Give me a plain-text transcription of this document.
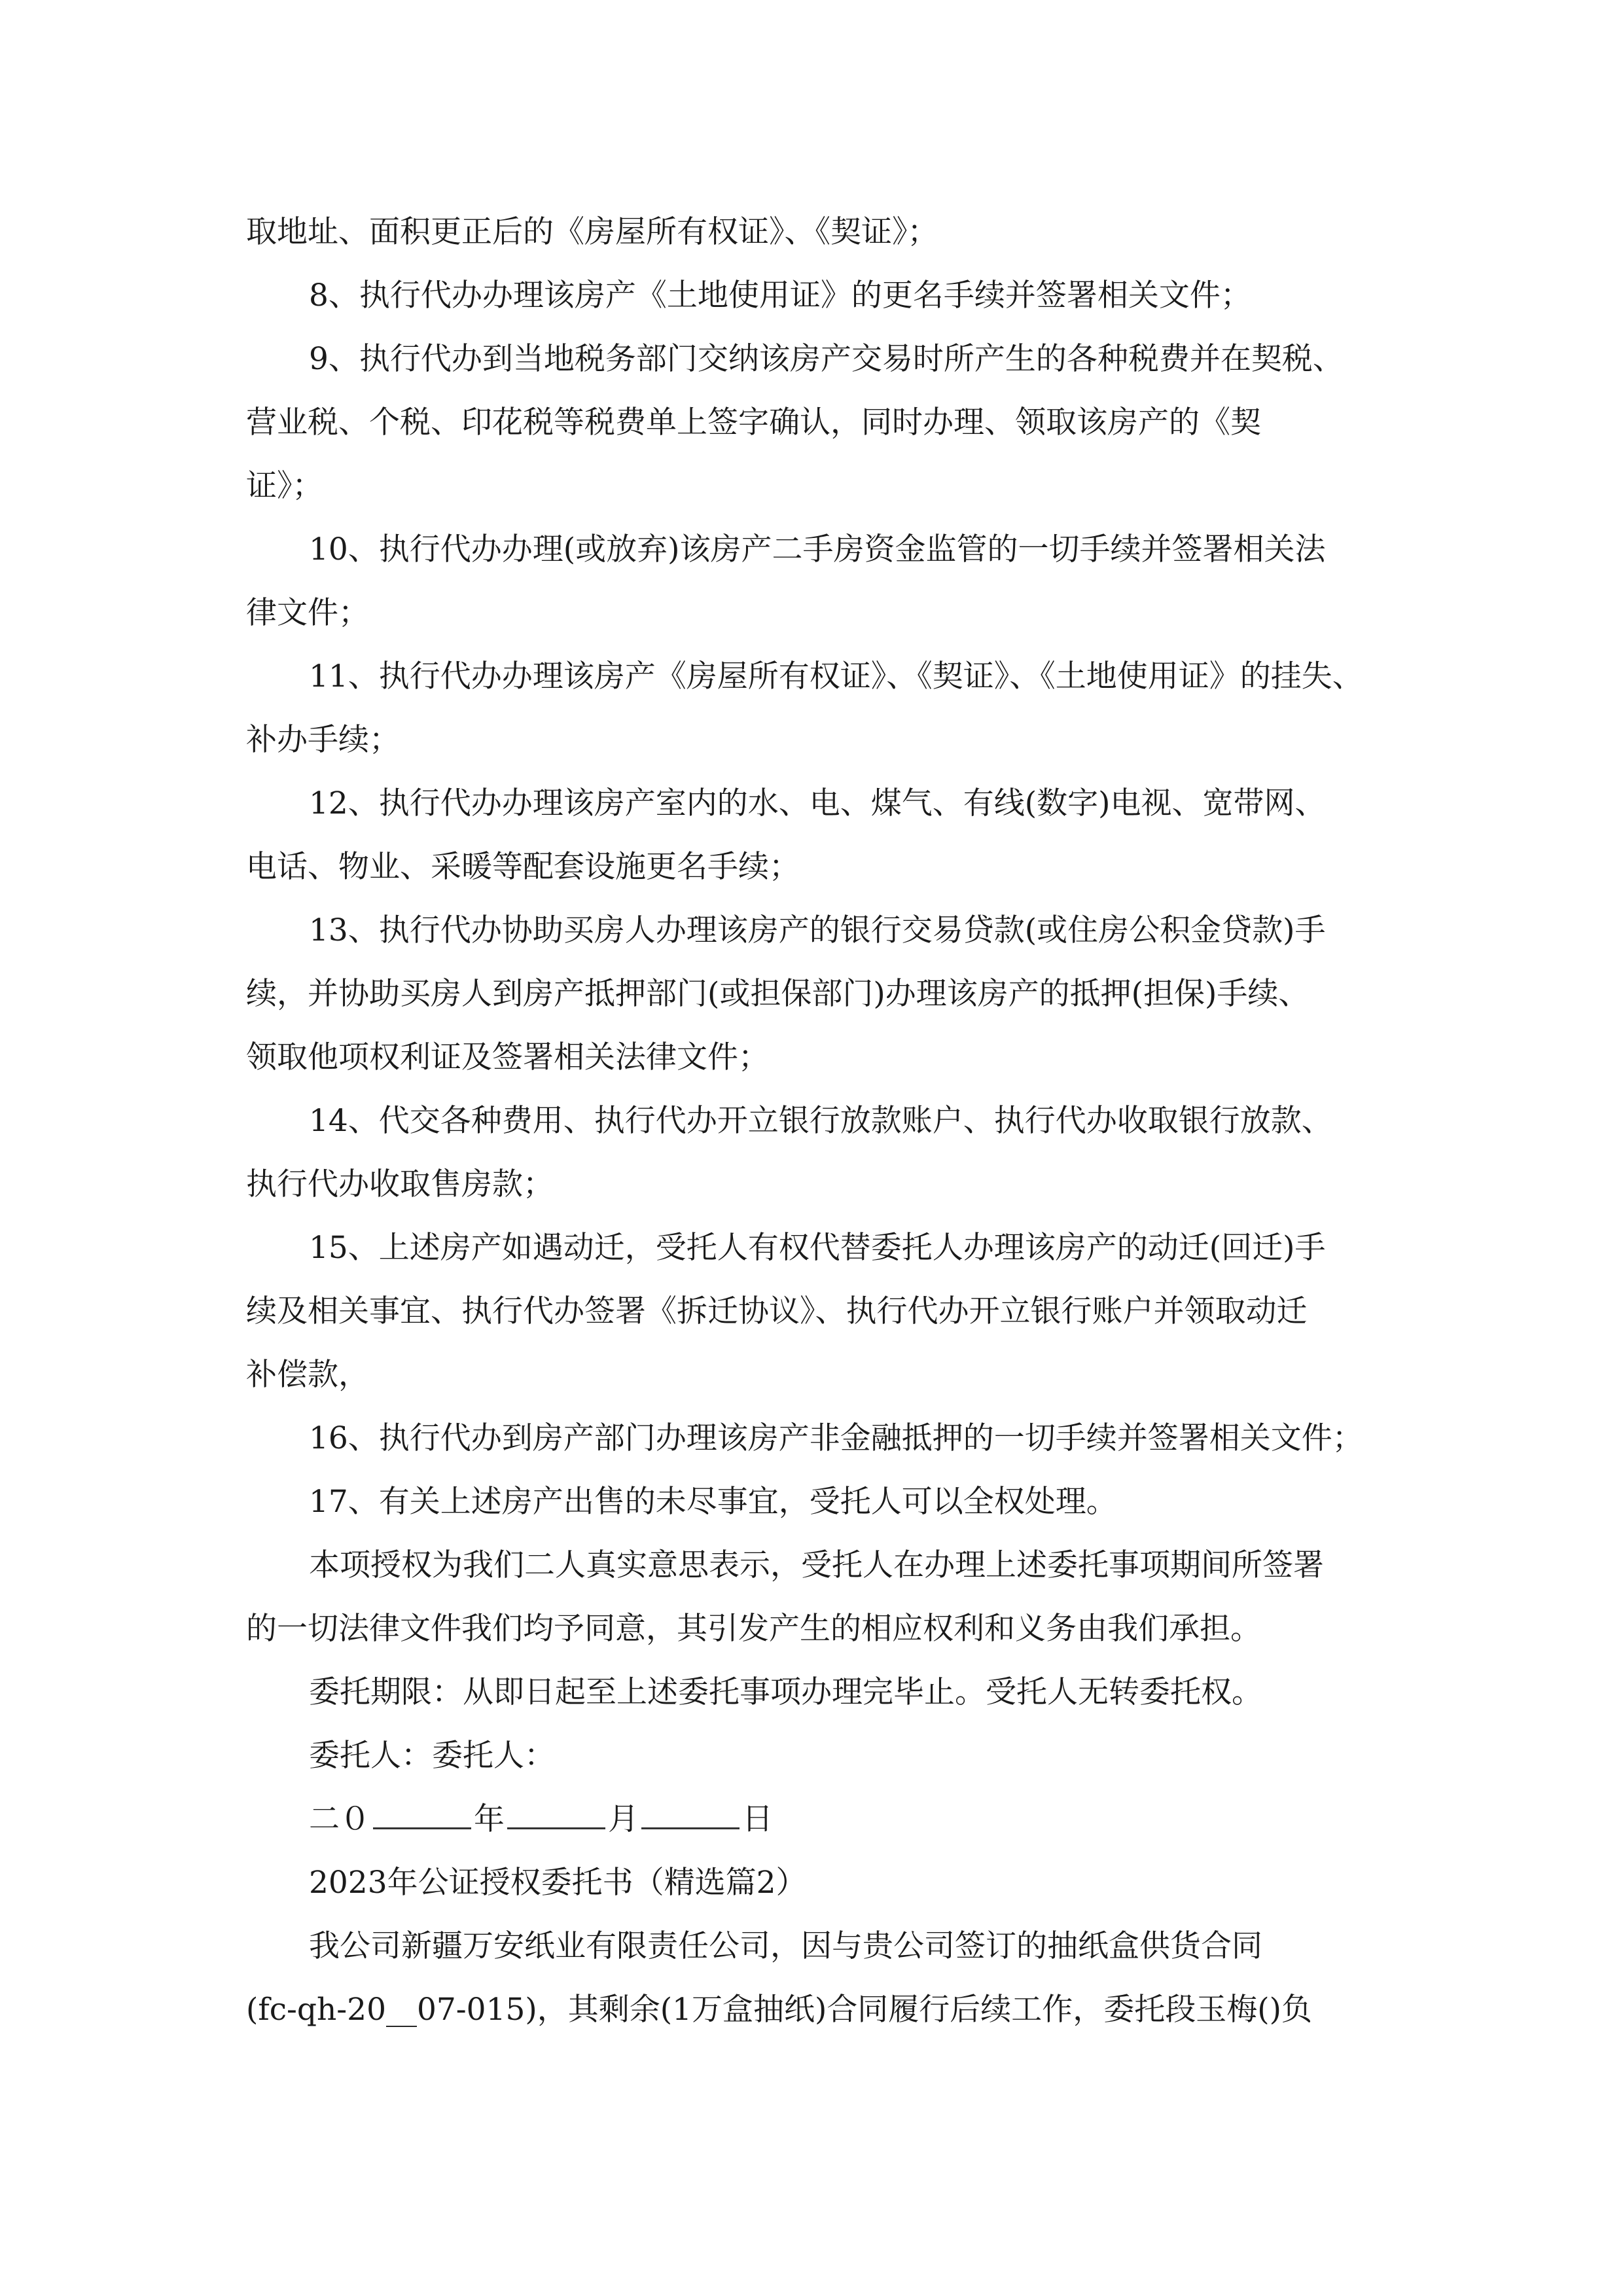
取地址、面积更正后的《房屋所有权证》、《契证》；
8、执行代办办理该房产《土地使用证》的更名手续并签署相关文件；
9、执行代办到当地税务部门交纳该房产交易时所产生的各种税费并在契税、
营业税、个税、印花税等税费单上签字确认，同时办理、领取该房产的《契
证》；
10、执行代办办理(或放弃)该房产二手房资金监管的一切手续并签署相关法
律文件；
11、执行代办办理该房产《房屋所有权证》、《契证》、《土地使用证》的挂失、
补办手续；
12、执行代办办理该房产室内的水、电、煤气、有线(数字)电视、宽带网、
电话、物业、采暖等配套设施更名手续；
13、执行代办协助买房人办理该房产的银行交易贷款(或住房公积金贷款)手
续，并协助买房人到房产抵押部门(或担保部门)办理该房产的抵押(担保)手续、
领取他项权利证及签署相关法律文件；
14、代交各种费用、执行代办开立银行放款账户、执行代办收取银行放款、
执行代办收取售房款；
15、上述房产如遇动迁，受托人有权代替委托人办理该房产的动迁(回迁)手
续及相关事宜、执行代办签署《拆迁协议》、执行代办开立银行账户并领取动迁
补偿款，
16、执行代办到房产部门办理该房产非金融抵押的一切手续并签署相关文件；
17、有关上述房产出售的未尽事宜，受托人可以全权处理。
本项授权为我们二人真实意思表示，受托人在办理上述委托事项期间所签署
的一切法律文件我们均予同意，其引发产生的相应权利和义务由我们承担。
委托期限：从即日起至上述委托事项办理完毕止。受托人无转委托权。
委托人：委托人：
二０	年	月	日
2023年公证授权委托书（精选篇2）
我公司新疆万安纸业有限责任公司，因与贵公司签订的抽纸盒供货合同
(fc-qh-20__07-015)，其剩余(1万盒抽纸)合同履行后续工作，委托段玉梅()负
